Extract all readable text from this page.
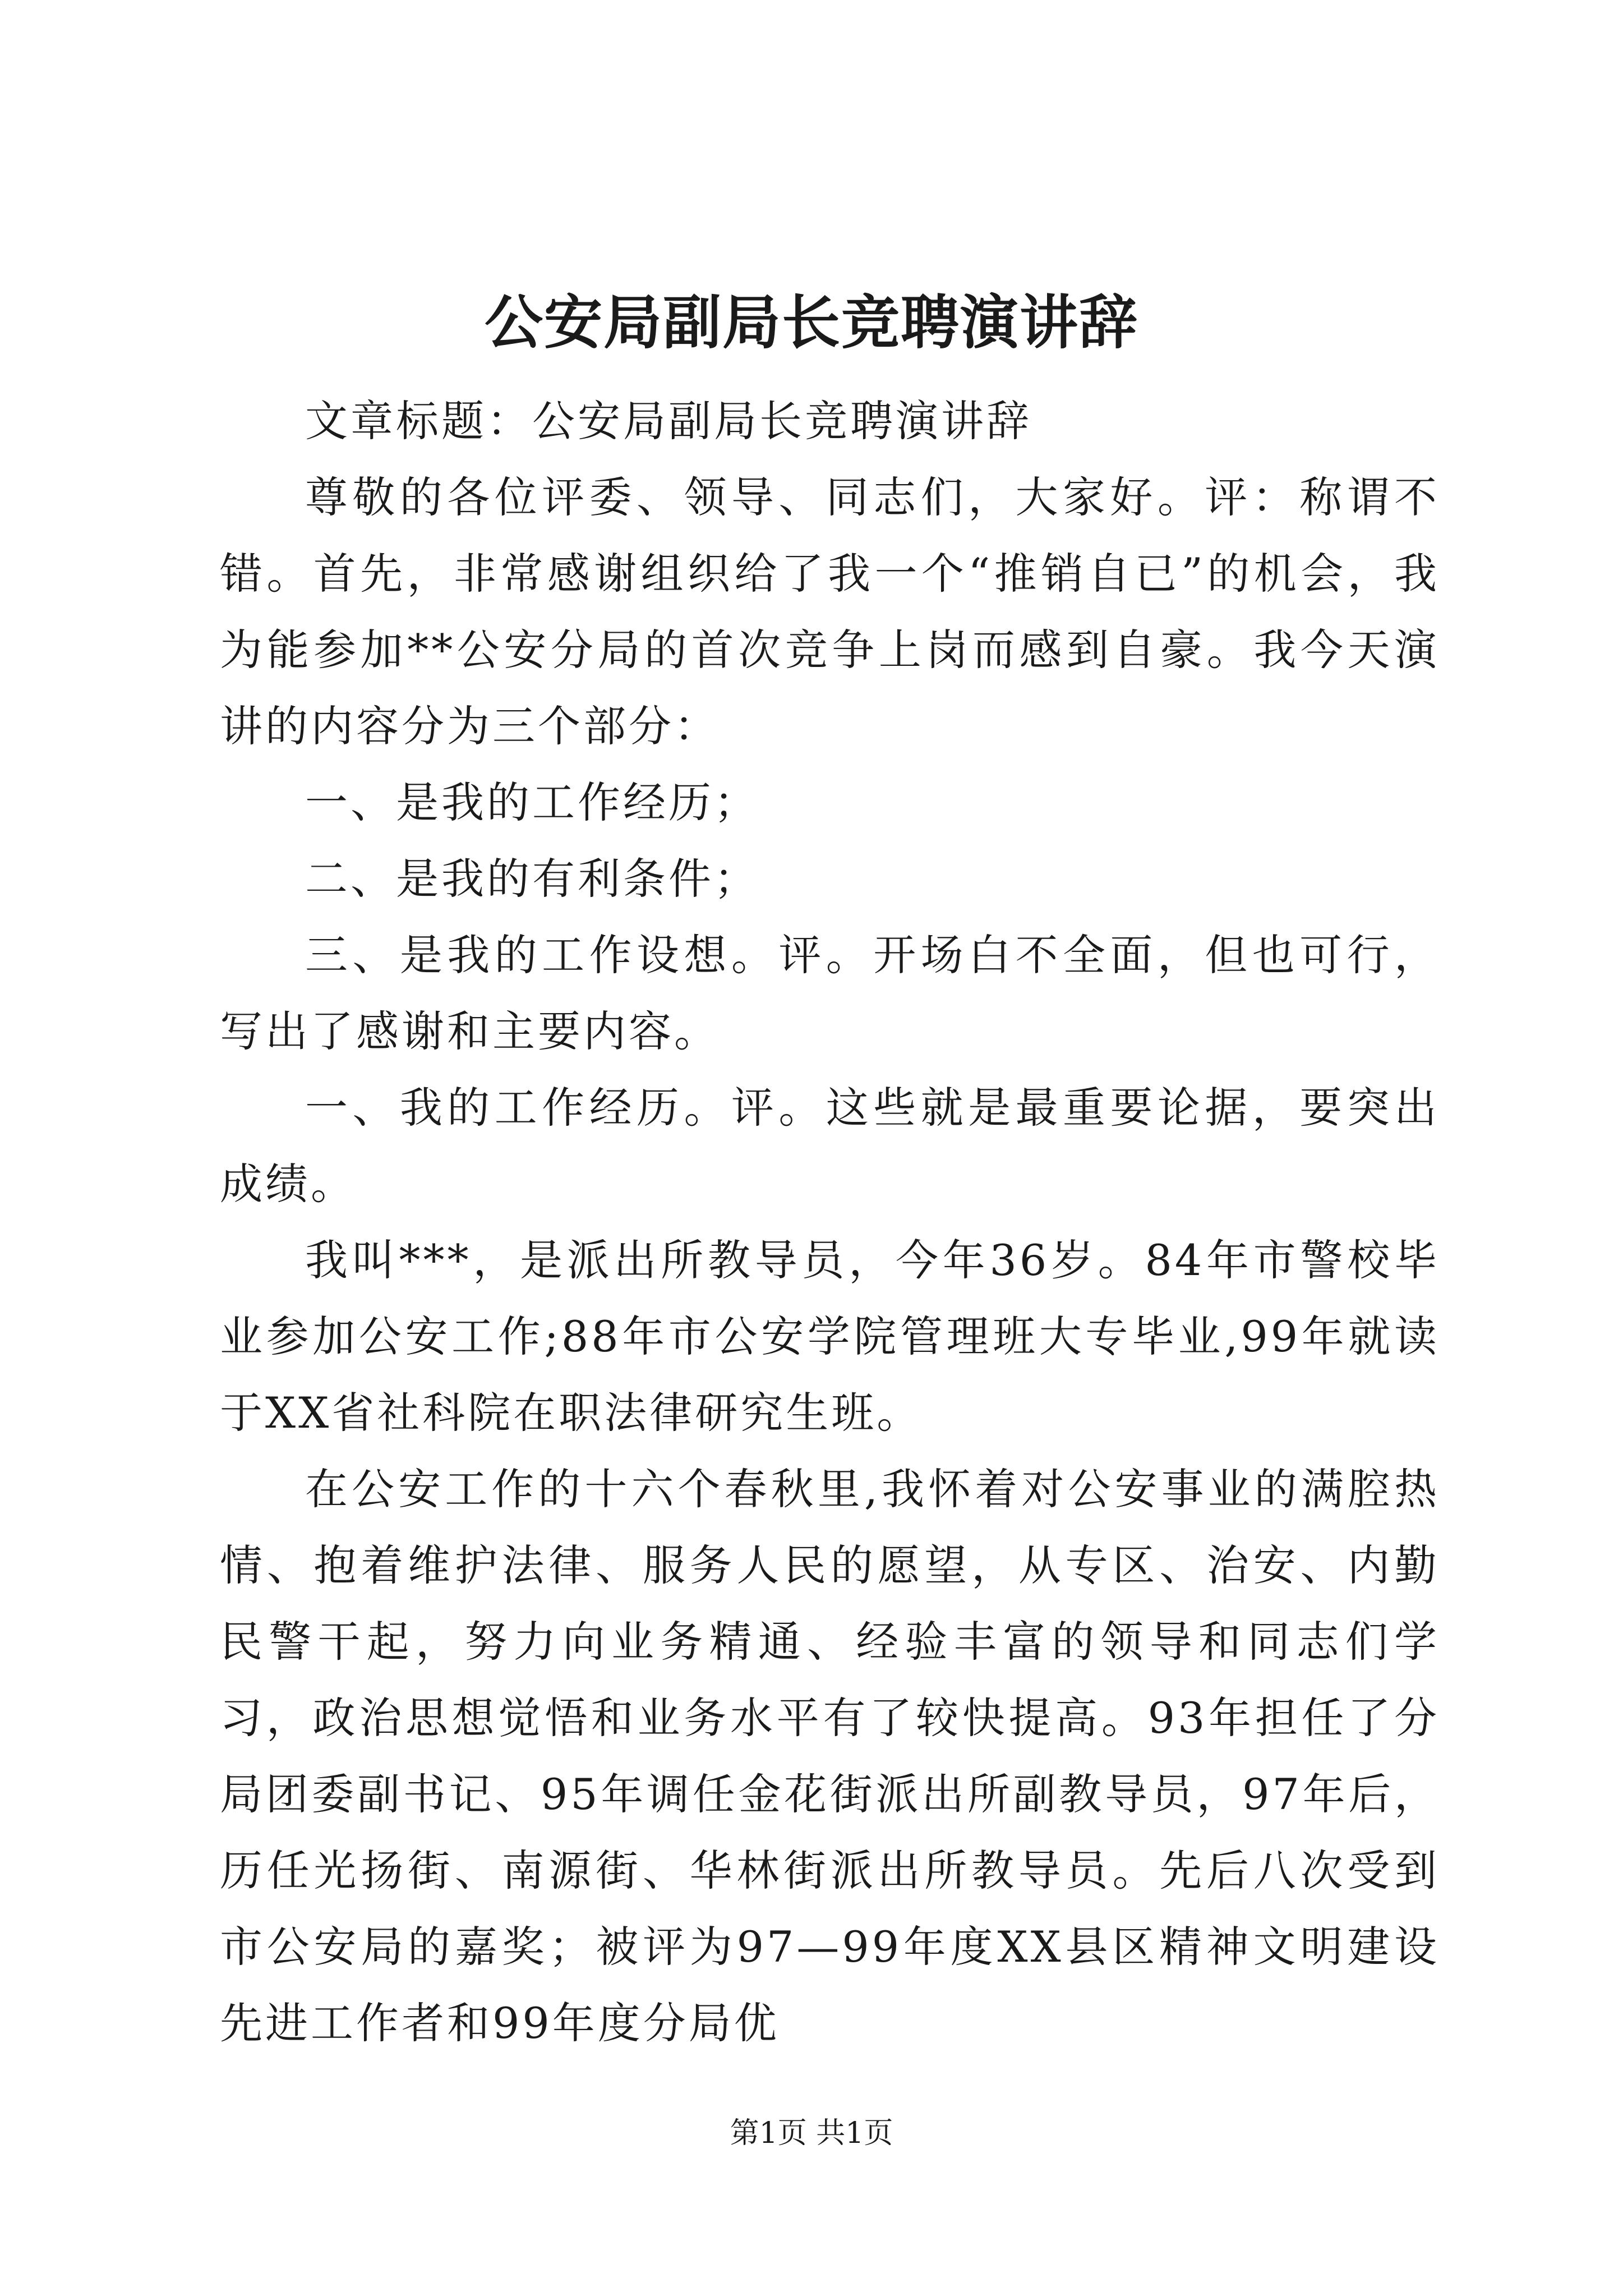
公安局副局长竞聘演讲辞

文章标题：公安局副局长竞聘演讲辞

尊敬的各位评委、领导、同志们，大家好。评：称谓不错。首先，非常感谢组织给了我一个“推销自已”的机会，我为能参加**公安分局的首次竞争上岗而感到自豪。我今天演讲的内容分为三个部分：

一、是我的工作经历；

二、是我的有利条件；

三、是我的工作设想。评。开场白不全面，但也可行，写出了感谢和主要内容。

一、我的工作经历。评。这些就是最重要论据，要突出成绩。

我叫***，是派出所教导员，今年36岁。84年市警校毕业参加公安工作;88年市公安学院管理班大专毕业,99年就读于XX省社科院在职法律研究生班。

在公安工作的十六个春秋里,我怀着对公安事业的满腔热情、抱着维护法律、服务人民的愿望，从专区、治安、内勤民警干起，努力向业务精通、经验丰富的领导和同志们学习，政治思想觉悟和业务水平有了较快提高。93年担任了分局团委副书记、95年调任金花街派出所副教导员，97年后，历任光扬街、南源街、华林街派出所教导员。先后八次受到市公安局的嘉奖；被评为97—99年度XX县区精神文明建设先进工作者和99年度分局优

第1页 共1页
